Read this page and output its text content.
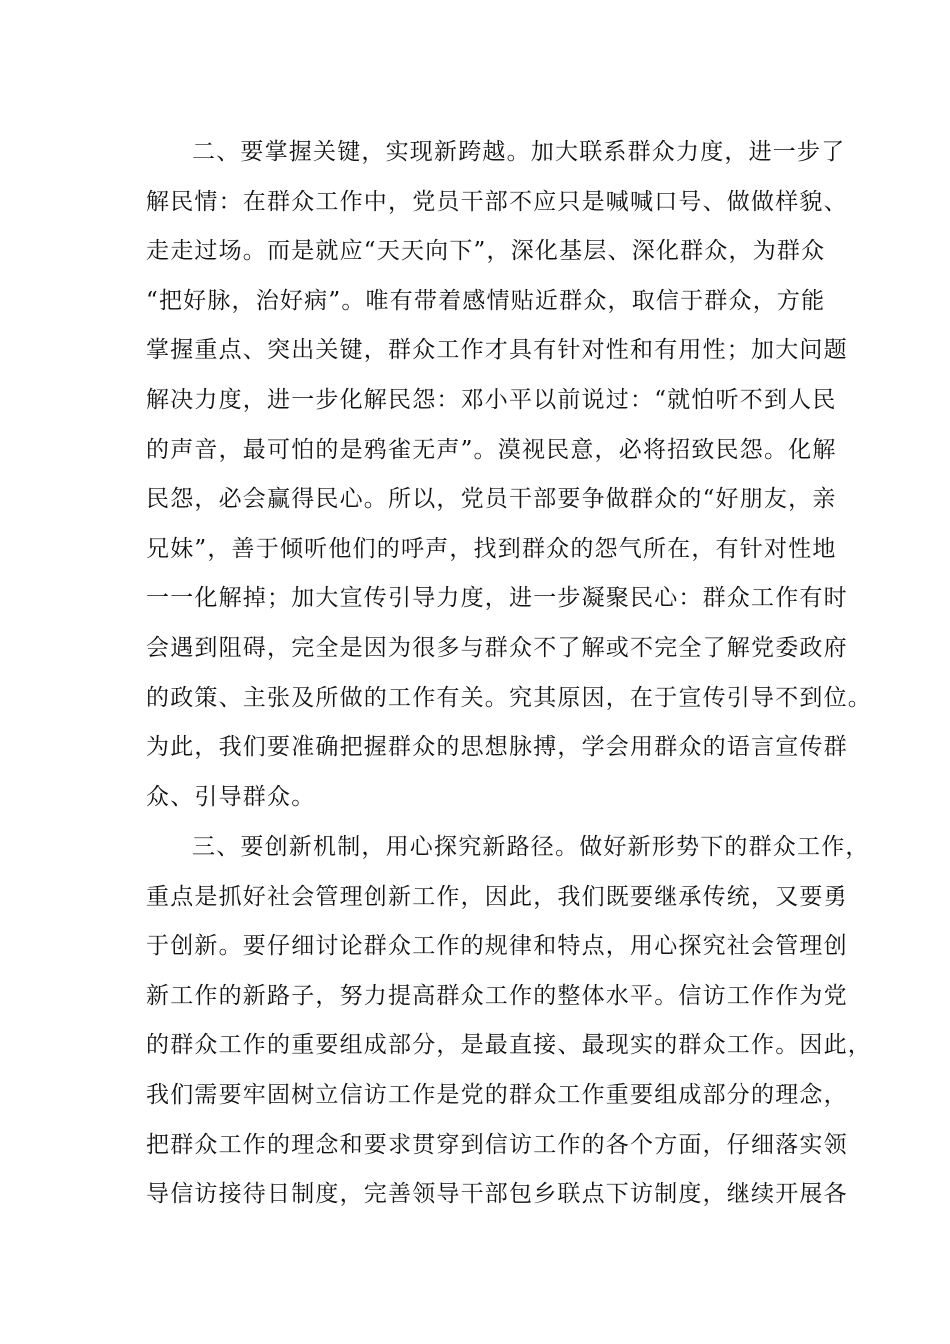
二、要掌握关键，实现新跨越。加大联系群众力度，进一步了
解民情：在群众工作中，党员干部不应只是喊喊口号、做做样貌、
走走过场。而是就应“天天向下”，深化基层、深化群众，为群众
“把好脉，治好病”。唯有带着感情贴近群众，取信于群众，方能
掌握重点、突出关键，群众工作才具有针对性和有用性；加大问题
解决力度，进一步化解民怨：邓小平以前说过：“就怕听不到人民
的声音，最可怕的是鸦雀无声”。漠视民意，必将招致民怨。化解
民怨，必会赢得民心。所以，党员干部要争做群众的“好朋友，亲
兄妹”，善于倾听他们的呼声，找到群众的怨气所在，有针对性地
一一化解掉；加大宣传引导力度，进一步凝聚民心：群众工作有时
会遇到阻碍，完全是因为很多与群众不了解或不完全了解党委政府
的政策、主张及所做的工作有关。究其原因，在于宣传引导不到位。
为此，我们要准确把握群众的思想脉搏，学会用群众的语言宣传群
众、引导群众。
三、要创新机制，用心探究新路径。做好新形势下的群众工作，
重点是抓好社会管理创新工作，因此，我们既要继承传统，又要勇
于创新。要仔细讨论群众工作的规律和特点，用心探究社会管理创
新工作的新路子，努力提高群众工作的整体水平。信访工作作为党
的群众工作的重要组成部分，是最直接、最现实的群众工作。因此，
我们需要牢固树立信访工作是党的群众工作重要组成部分的理念，
把群众工作的理念和要求贯穿到信访工作的各个方面，仔细落实领
导信访接待日制度，完善领导干部包乡联点下访制度，继续开展各
